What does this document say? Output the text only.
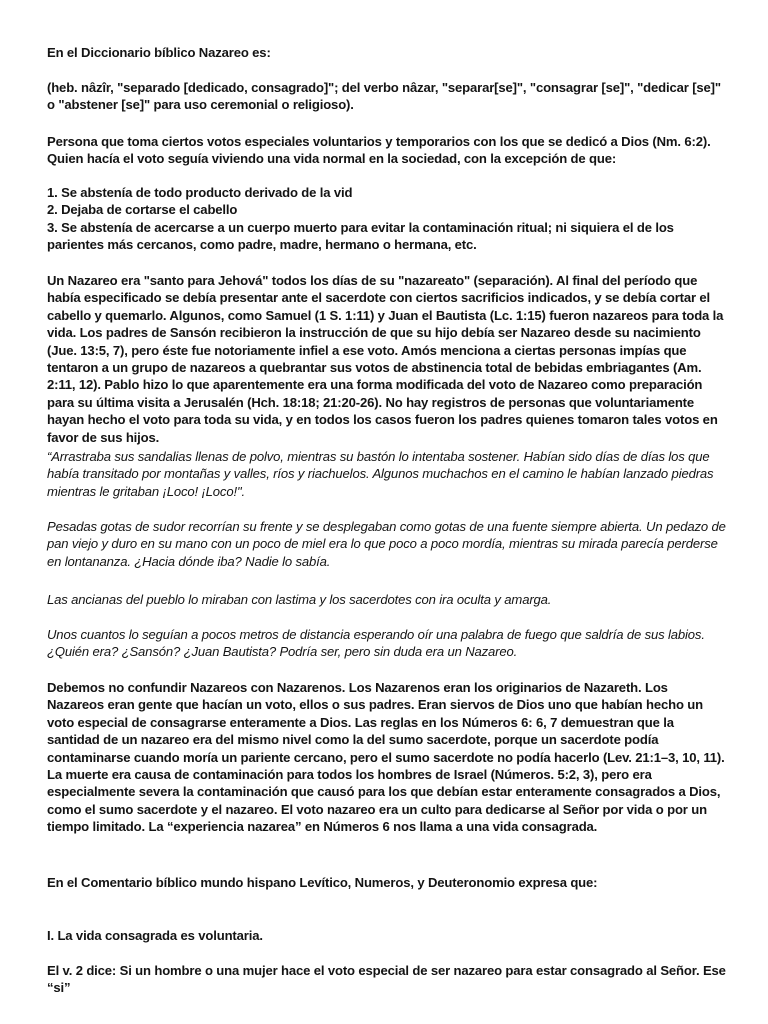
En el Diccionario bíblico Nazareo es:

(heb. nâzîr, "separado [dedicado, consagrado]"; del verbo nâzar, "separar[se]", "consagrar [se]", "dedicar [se]" o "abstener [se]" para uso ceremonial o religioso).

Persona que toma ciertos votos especiales voluntarios y temporarios con los que se dedicó a Dios (Nm. 6:2). Quien hacía el voto seguía viviendo una vida normal en la sociedad, con la excepción de que:

1. Se abstenía de todo producto derivado de la vid

2. Dejaba de cortarse el cabello

3. Se abstenía de acercarse a un cuerpo muerto para evitar la contaminación ritual; ni siquiera el de los parientes más cercanos, como padre, madre, hermano o hermana, etc.

Un Nazareo era "santo para Jehová" todos los días de su "nazareato" (separación). Al final del período que había especificado se debía presentar ante el sacerdote con ciertos sacrificios indicados, y se debía cortar el cabello y quemarlo. Algunos, como Samuel (1 S. 1:11) y Juan el Bautista (Lc. 1:15) fueron nazareos para toda la vida. Los padres de Sansón recibieron la instrucción de que su hijo debía ser Nazareo desde su nacimiento (Jue. 13:5, 7), pero éste fue notoriamente infiel a ese voto. Amós menciona a ciertas personas impías que tentaron a un grupo de nazareos a quebrantar sus votos de abstinencia total de bebidas embriagantes (Am. 2:11, 12). Pablo hizo lo que aparentemente era una forma modificada del voto de Nazareo como preparación para su última visita a Jerusalén (Hch. 18:18; 21:20-26). No hay registros de personas que voluntariamente hayan hecho el voto para toda su vida, y en todos los casos fueron los padres quienes tomaron tales votos en favor de sus hijos.

“Arrastraba sus sandalias llenas de polvo, mientras su bastón lo intentaba sostener. Habían sido días de días los que había transitado por montañas y valles, ríos y riachuelos. Algunos muchachos en el camino le habían lanzado piedras mientras le gritaban ¡Loco! ¡Loco!".

Pesadas gotas de sudor recorrían su frente y se desplegaban como gotas de una fuente siempre abierta. Un pedazo de pan viejo y duro en su mano con un poco de miel era lo que poco a poco mordía, mientras su mirada parecía perderse en lontananza. ¿Hacia dónde iba? Nadie lo sabía.

Las ancianas del pueblo lo miraban con lastima y los sacerdotes con ira oculta y amarga.

Unos cuantos lo seguían a pocos metros de distancia esperando oír una palabra de fuego que saldría de sus labios. ¿Quién era? ¿Sansón? ¿Juan Bautista? Podría ser, pero sin duda era un Nazareo.

Debemos no confundir Nazareos con Nazarenos. Los Nazarenos eran los originarios de Nazareth. Los Nazareos eran gente que hacían un voto, ellos o sus padres. Eran siervos de Dios uno que habían hecho un voto especial de consagrarse enteramente a Dios. Las reglas en los Números 6: 6, 7 demuestran que la santidad de un nazareo era del mismo nivel como la del sumo sacerdote, porque un sacerdote podía contaminarse cuando moría un pariente cercano, pero el sumo sacerdote no podía hacerlo (Lev. 21:1–3, 10, 11). La muerte era causa de contaminación para todos los hombres de Israel (Números. 5:2, 3), pero era especialmente severa la contaminación que causó para los que debían estar enteramente consagrados a Dios, como el sumo sacerdote y el nazareo. El voto nazareo era un culto para dedicarse al Señor por vida o por un tiempo limitado. La “experiencia nazarea” en Números 6 nos llama a una vida consagrada.

En el Comentario bíblico mundo hispano Levítico, Numeros, y Deuteronomio expresa que:

I. La vida consagrada es voluntaria.

El v. 2 dice: Si un hombre o una mujer hace el voto especial de ser nazareo para estar consagrado al Señor. Ese “si”
